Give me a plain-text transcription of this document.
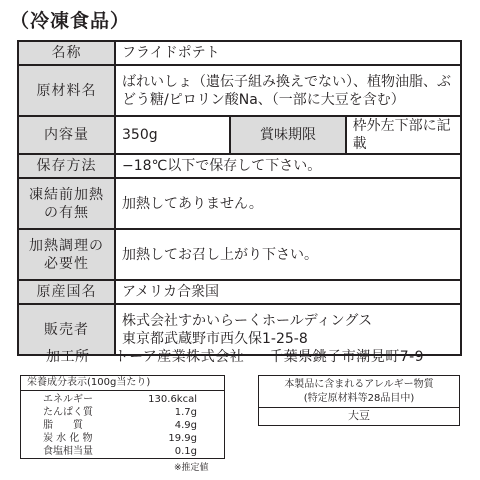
（冷凍食品）
名称	フライドポテト		
原材料名	ばれいしょ（遺伝子組み換えでない）、植物油脂、ぶ
どう糖/ピロリン酸Na、（一部に大豆を含む）		

内容量	350g	賞味期限	枠外左下部に記載
保存方法	−18℃以下で保存して下さい。		

凍結前加熱
の有無	加熱してありません。		

加熱調理の
必要性	加熱してお召し上がり下さい。		
原産国名	アメリカ合衆国		
販売者	株式会社すかいらーくホールディングス
東京都武蔵野市西久保1-25-8		
加工所 トーア産業株式会社 千葉県銚子市潮見町7-9
栄養成分表示(100g当たり)
エネルギー	130.6kcal
たんぱく質	1.7g
脂　　質	4.9g
炭 水 化 物	19.9g
食塩相当量	0.1g
※推定値
本製品に含まれるアレルギー物質
(特定原材料等28品目中)
大豆
